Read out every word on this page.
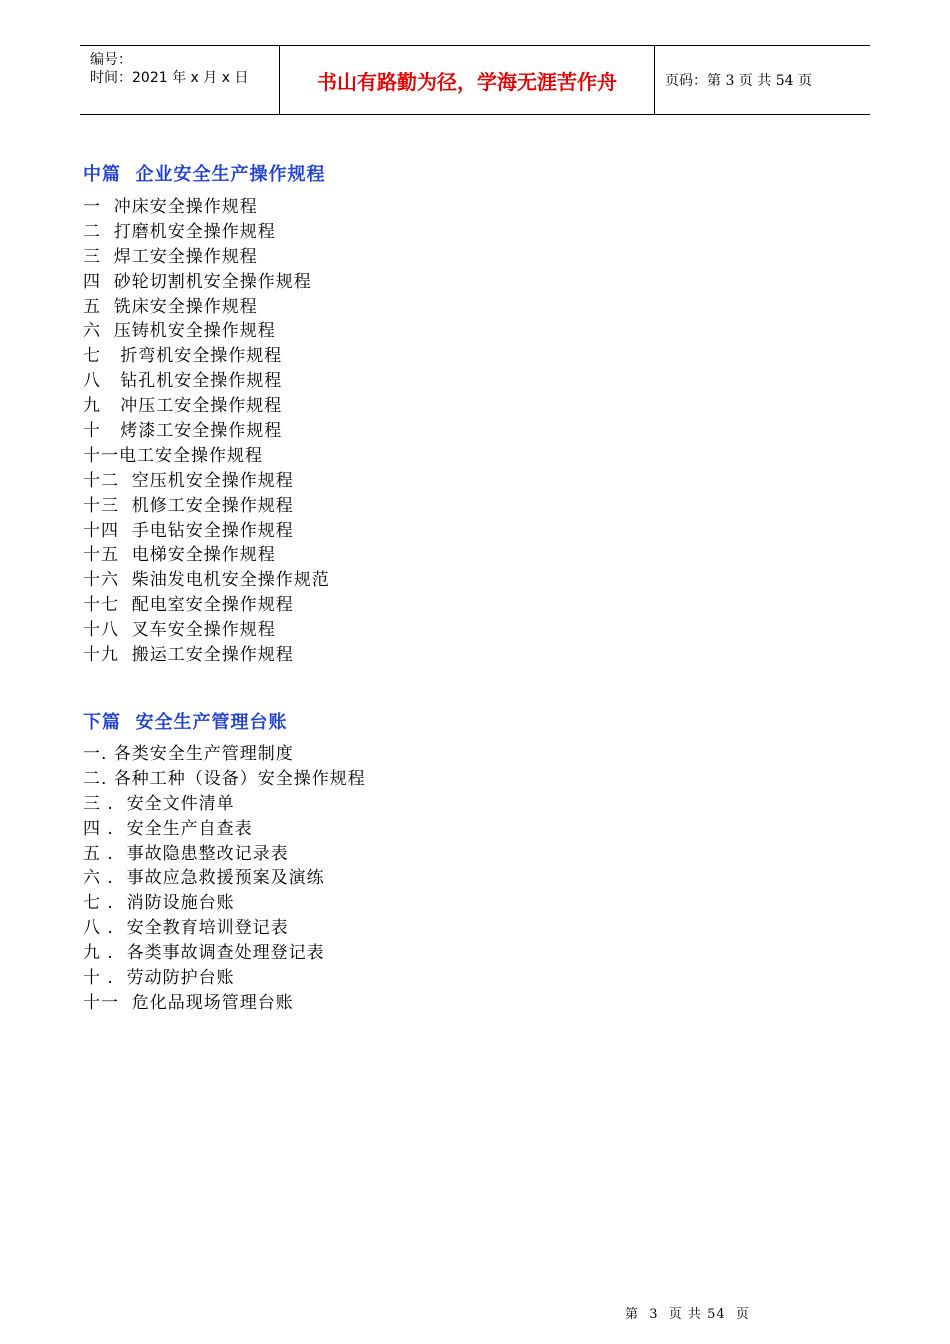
编号：
时间：2021 年 x 月 x 日	书山有路勤为径，学海无涯苦作舟	页码：第 3 页 共 54 页
中篇  企业安全生产操作规程
一  冲床安全操作规程
二  打磨机安全操作规程
三  焊工安全操作规程
四  砂轮切割机安全操作规程
五  铣床安全操作规程
六  压铸机安全操作规程
七   折弯机安全操作规程
八   钻孔机安全操作规程
九   冲压工安全操作规程
十   烤漆工安全操作规程
十一电工安全操作规程
十二  空压机安全操作规程
十三  机修工安全操作规程
十四  手电钻安全操作规程
十五  电梯安全操作规程
十六  柴油发电机安全操作规范
十七  配电室安全操作规程
十八  叉车安全操作规程
十九  搬运工安全操作规程
下篇  安全生产管理台账
一. 各类安全生产管理制度
二. 各种工种（设备）安全操作规程
三 .  安全文件清单
四 .  安全生产自查表
五 .  事故隐患整改记录表
六 .  事故应急救援预案及演练
七 .  消防设施台账
八 .  安全教育培训登记表
九 .  各类事故调查处理登记表
十 .  劳动防护台账
十一  危化品现场管理台账
第  3  页 共 54  页
